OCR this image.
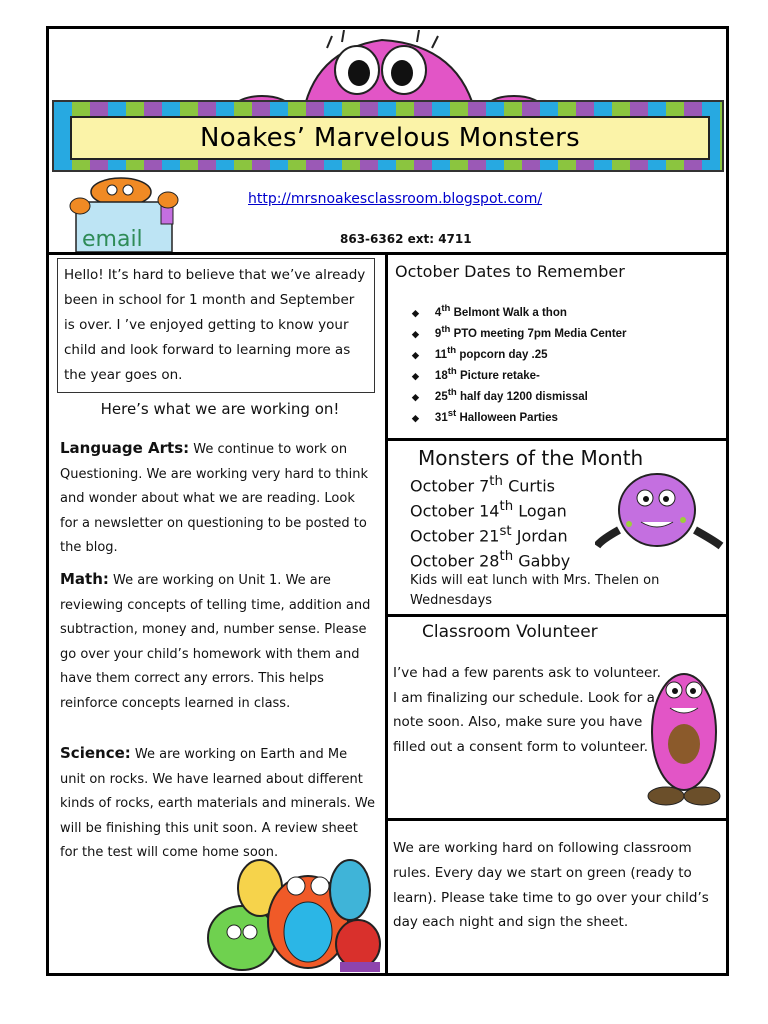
Noakes’ Marvelous Monsters
email
http://mrsnoakesclassroom.blogspot.com/
863-6362 ext: 4711
Hello! It’s hard to believe that we’ve already been in school for 1 month and September is over. I ’ve enjoyed getting to know your child and look forward to learning more as the year goes on.
Here’s what we are working on!
Language Arts: We continue to work on Questioning. We are working very hard to think and wonder about what we are reading. Look for a newsletter on questioning to be posted to the blog.
Math: We are working on Unit 1. We are reviewing concepts of telling time, addition and subtraction, money and, number sense. Please go over your child’s homework with them and have them correct any errors. This helps reinforce concepts learned in class.
Science: We are working on Earth and Me unit on rocks. We have learned about different kinds of rocks, earth materials and minerals. We will be finishing this unit soon. A review sheet for the test will come home soon.
October Dates to Remember
◆ 4th Belmont Walk a thon
◆ 9th PTO meeting 7pm Media Center
◆ 11th popcorn day .25
◆ 18th Picture retake-
◆ 25th half day 1200 dismissal
◆ 31st Halloween Parties
Monsters of the Month
October 7th Curtis
October 14th Logan
October 21st Jordan
October 28th Gabby
Kids will eat lunch with Mrs. Thelen on Wednesdays
Classroom Volunteer
I’ve had a few parents ask to volunteer. I am finalizing our schedule. Look for a note soon. Also, make sure you have filled out a consent form to volunteer.
We are working hard on following classroom rules. Every day we start on green (ready to learn). Please take time to go over your child’s day each night and sign the sheet.
